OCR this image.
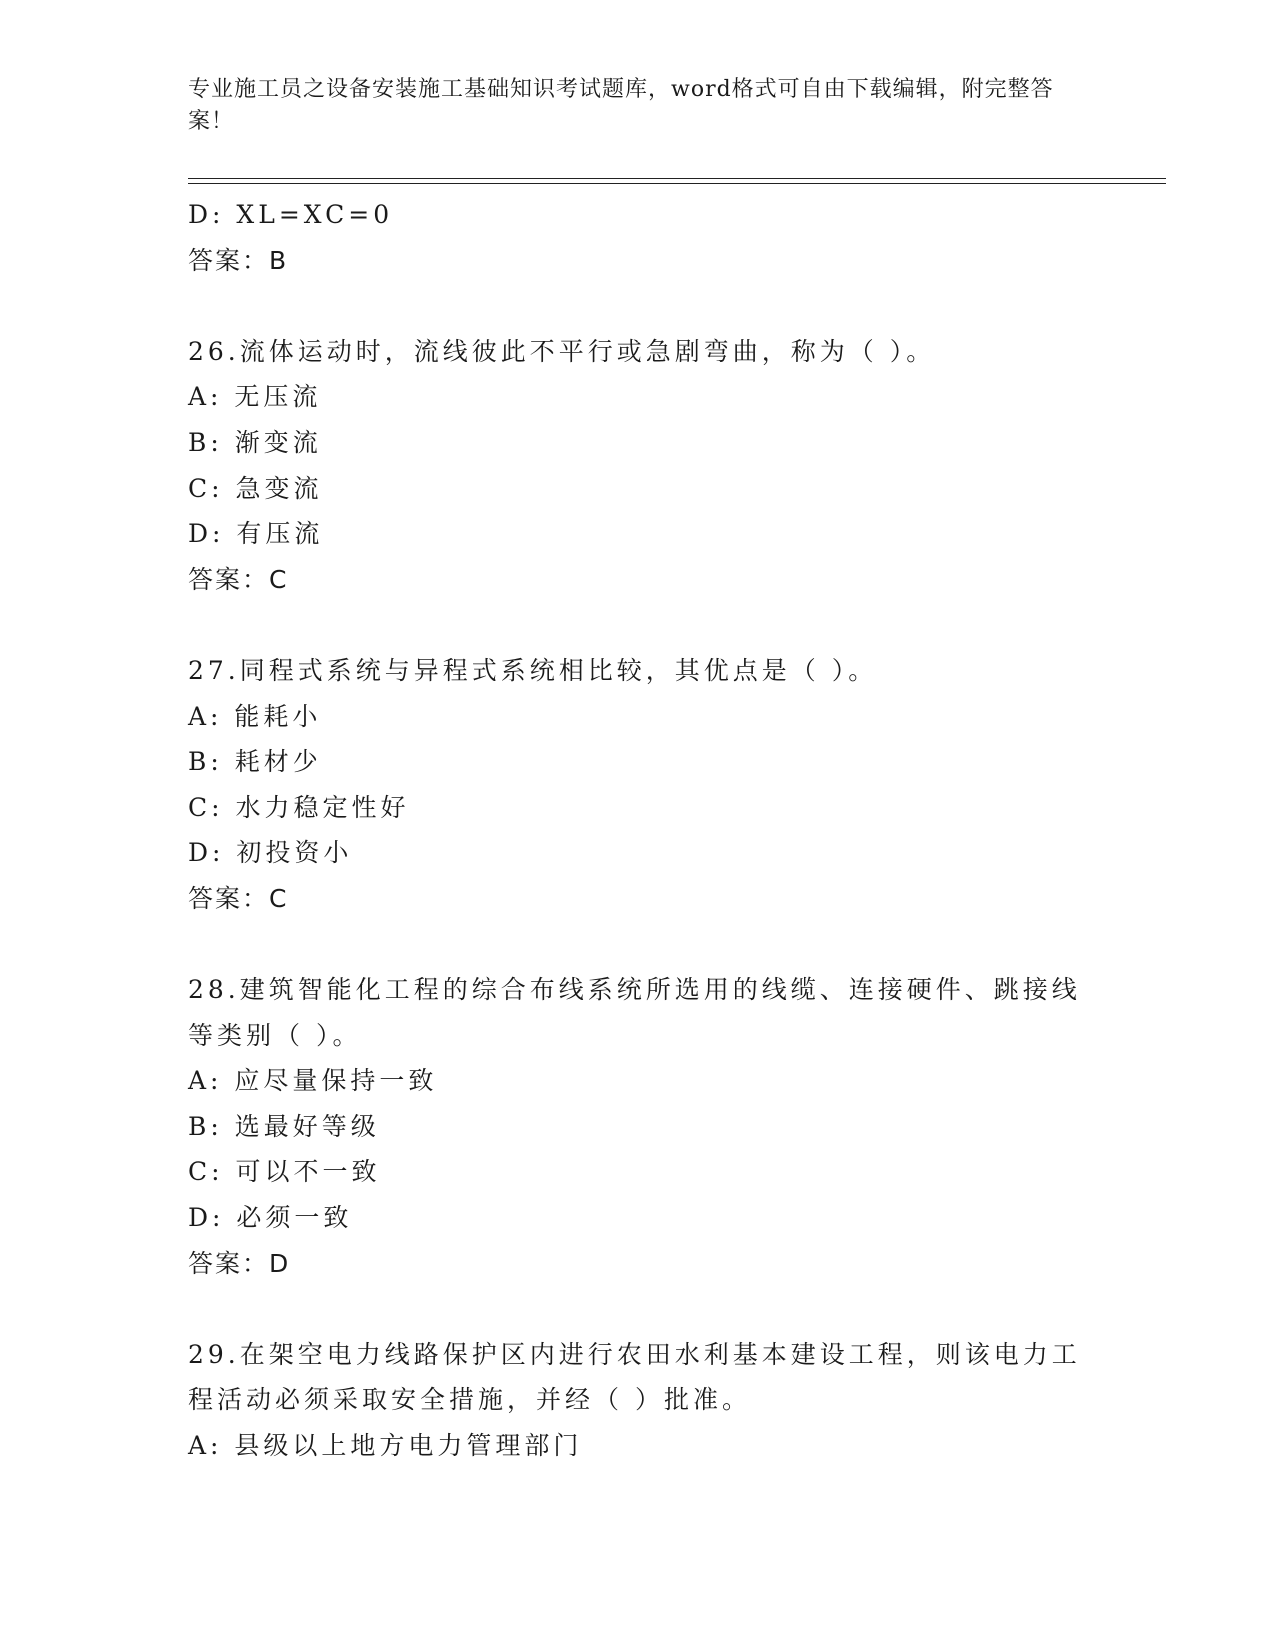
专业施工员之设备安装施工基础知识考试题库，word格式可自由下载编辑，附完整答案！
D: XL=XC=0
答案：B
26.流体运动时，流线彼此不平行或急剧弯曲，称为（ ）。
A: 无压流
B: 渐变流
C: 急变流
D: 有压流
答案：C
27.同程式系统与异程式系统相比较，其优点是（ ）。
A: 能耗小
B: 耗材少
C: 水力稳定性好
D: 初投资小
答案：C
28.建筑智能化工程的综合布线系统所选用的线缆、连接硬件、跳接线
等类别（ ）。
A: 应尽量保持一致
B: 选最好等级
C: 可以不一致
D: 必须一致
答案：D
29.在架空电力线路保护区内进行农田水利基本建设工程，则该电力工
程活动必须采取安全措施，并经（ ）批准。
A: 县级以上地方电力管理部门
